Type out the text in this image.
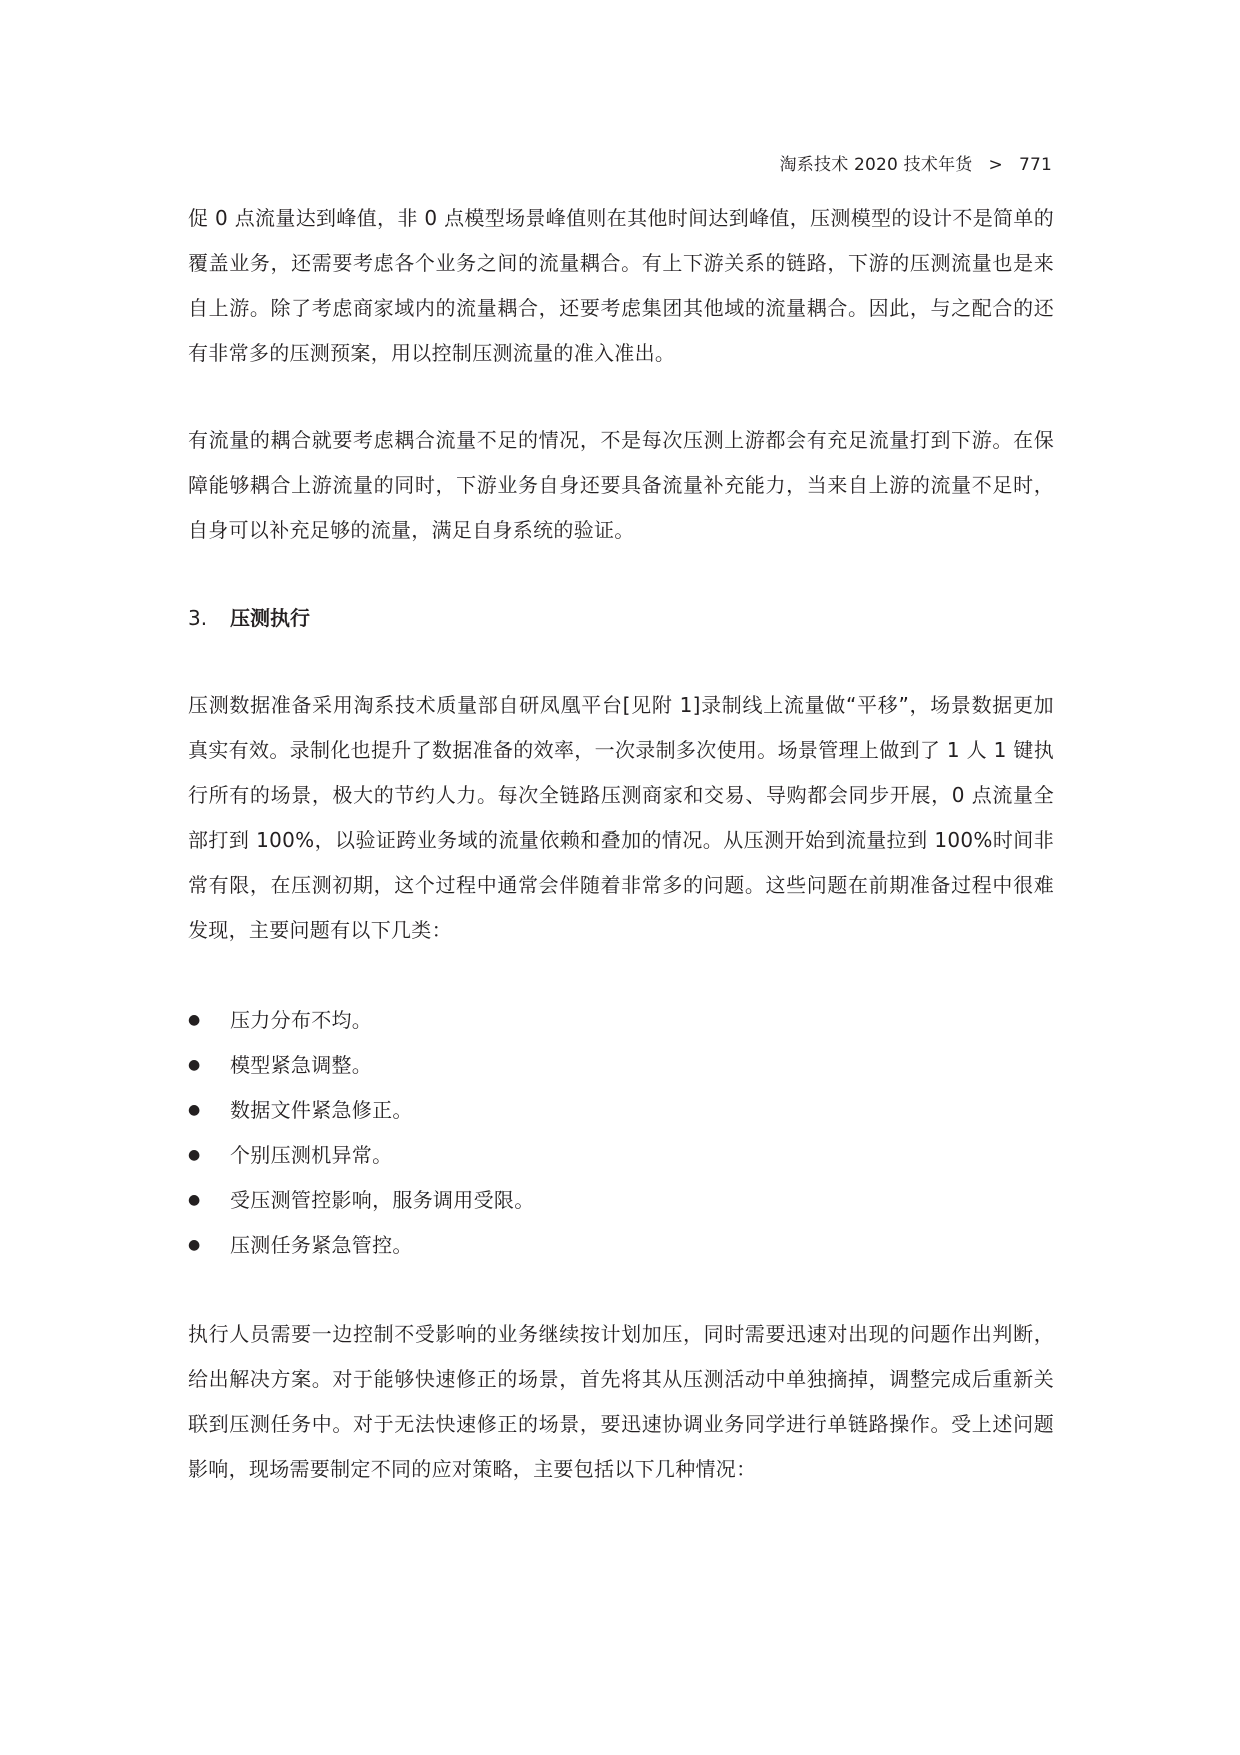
淘系技术 2020 技术年货 > 771

促 0 点流量达到峰值，非 0 点模型场景峰值则在其他时间达到峰值，压测模型的设计不是简单的覆盖业务，还需要考虑各个业务之间的流量耦合。有上下游关系的链路，下游的压测流量也是来自上游。除了考虑商家域内的流量耦合，还要考虑集团其他域的流量耦合。因此，与之配合的还有非常多的压测预案，用以控制压测流量的准入准出。

有流量的耦合就要考虑耦合流量不足的情况，不是每次压测上游都会有充足流量打到下游。在保障能够耦合上游流量的同时，下游业务自身还要具备流量补充能力，当来自上游的流量不足时，自身可以补充足够的流量，满足自身系统的验证。

3. 压测执行

压测数据准备采用淘系技术质量部自研凤凰平台[见附 1]录制线上流量做“平移”，场景数据更加真实有效。录制化也提升了数据准备的效率，一次录制多次使用。场景管理上做到了 1 人 1 键执行所有的场景，极大的节约人力。每次全链路压测商家和交易、导购都会同步开展，0 点流量全部打到 100%，以验证跨业务域的流量依赖和叠加的情况。从压测开始到流量拉到 100%时间非常有限，在压测初期，这个过程中通常会伴随着非常多的问题。这些问题在前期准备过程中很难发现，主要问题有以下几类：

●	压力分布不均。
●	模型紧急调整。
●	数据文件紧急修正。
●	个别压测机异常。
●	受压测管控影响，服务调用受限。
●	压测任务紧急管控。

执行人员需要一边控制不受影响的业务继续按计划加压，同时需要迅速对出现的问题作出判断，给出解决方案。对于能够快速修正的场景，首先将其从压测活动中单独摘掉，调整完成后重新关联到压测任务中。对于无法快速修正的场景，要迅速协调业务同学进行单链路操作。受上述问题影响，现场需要制定不同的应对策略，主要包括以下几种情况：
